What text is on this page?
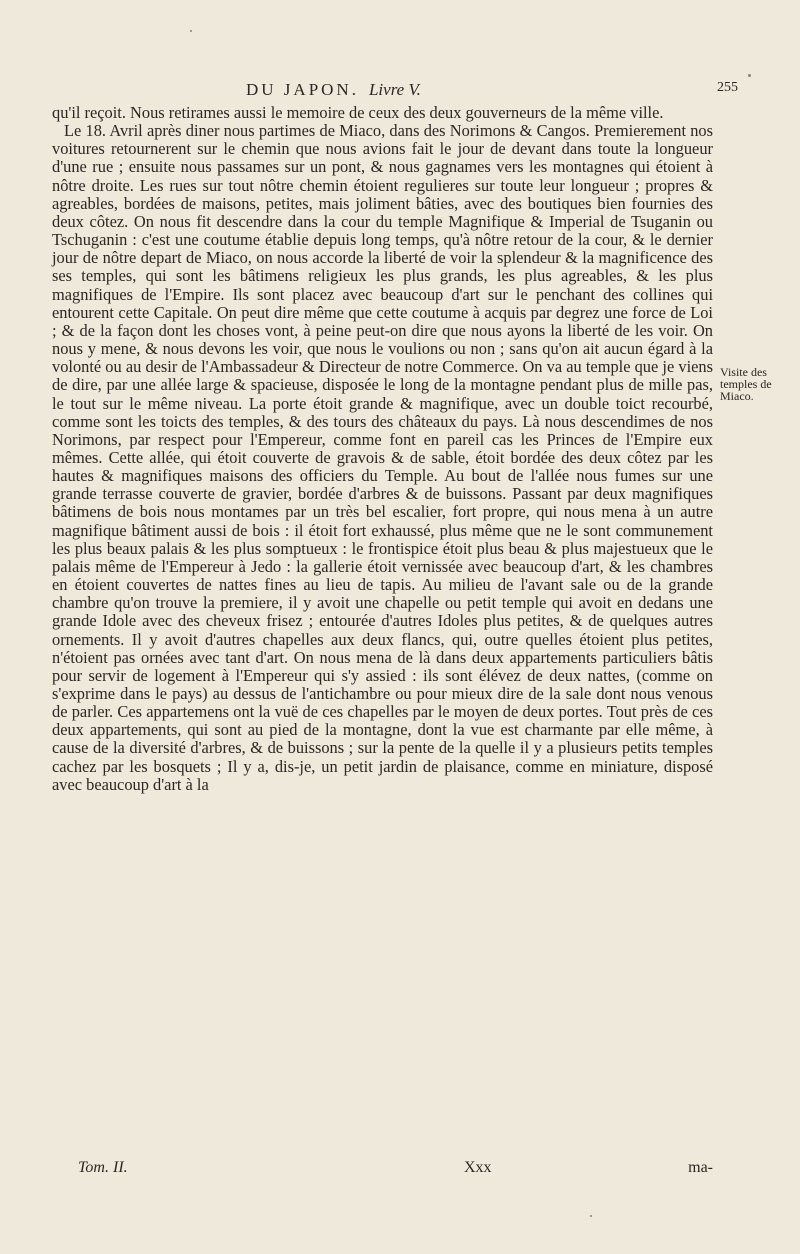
DU JAPON. Livre V.	255

qu'il reçoit. Nous retirames aussi le memoire de ceux des deux gouverneurs de la même ville.

Le 18. Avril après diner nous partimes de Miaco, dans des Norimons & Cangos. Premierement nos voitures retournerent sur le chemin que nous avions fait le jour de devant dans toute la longueur d'une rue ; ensuite nous passames sur un pont, & nous gagnames vers les montagnes qui étoient à nôtre droite. Les rues sur tout nôtre chemin étoient regulieres sur toute leur longueur ; propres & agreables, bordées de maisons, petites, mais joliment bâties, avec des boutiques bien fournies des deux côtez. On nous fit descendre dans la cour du temple Magnifique & Imperial de Tsuganin ou Tschuganin : c'est une coutume établie depuis long temps, qu'à nôtre retour de la cour, & le dernier jour de nôtre depart de Miaco, on nous accorde la liberté de voir la splendeur & la magnificence des ses temples, qui sont les bâtimens religieux les plus grands, les plus agreables, & les plus magnifiques de l'Empire. Ils sont placez avec beaucoup d'art sur le penchant des collines qui entourent cette Capitale. On peut dire même que cette coutume à acquis par degrez une force de Loi ; & de la façon dont les choses vont, à peine peut-on dire que nous ayons la liberté de les voir. On nous y mene, & nous devons les voir, que nous le voulions ou non ; sans qu'on ait aucun égard à la volonté ou au desir de l'Ambassadeur & Directeur de notre Commerce. On va au temple que je viens de dire, par une allée large & spacieuse, disposée le long de la montagne pendant plus de mille pas, le tout sur le même niveau. La porte étoit grande & magnifique, avec un double toict recourbé, comme sont les toicts des temples, & des tours des châteaux du pays. Là nous descendimes de nos Norimons, par respect pour l'Empereur, comme font en pareil cas les Princes de l'Empire eux mêmes. Cette allée, qui étoit couverte de gravois & de sable, étoit bordée des deux côtez par les hautes & magnifiques maisons des officiers du Temple. Au bout de l'allée nous fumes sur une grande terrasse couverte de gravier, bordée d'arbres & de buissons. Passant par deux magnifiques bâtimens de bois nous montames par un très bel escalier, fort propre, qui nous mena à un autre magnifique bâtiment aussi de bois : il étoit fort exhaussé, plus même que ne le sont communement les plus beaux palais & les plus somptueux : le frontispice étoit plus beau & plus majestueux que le palais même de l'Empereur à Jedo : la gallerie étoit vernissée avec beaucoup d'art, & les chambres en étoient couvertes de nattes fines au lieu de tapis. Au milieu de l'avant sale ou de la grande chambre qu'on trouve la premiere, il y avoit une chapelle ou petit temple qui avoit en dedans une grande Idole avec des cheveux frisez ; entourée d'autres Idoles plus petites, & de quelques autres ornements. Il y avoit d'autres chapelles aux deux flancs, qui, outre quelles étoient plus petites, n'étoient pas ornées avec tant d'art. On nous mena de là dans deux appartements particuliers bâtis pour servir de logement à l'Empereur qui s'y assied : ils sont élévez de deux nattes, (comme on s'exprime dans le pays) au dessus de l'antichambre ou pour mieux dire de la sale dont nous venous de parler. Ces appartemens ont la vuë de ces chapelles par le moyen de deux portes. Tout près de ces deux appartements, qui sont au pied de la montagne, dont la vue est charmante par elle même, à cause de la diversité d'arbres, & de buissons ; sur la pente de la quelle il y a plusieurs petits temples cachez par les bosquets ; Il y a, dis-je, un petit jardin de plaisance, comme en miniature, disposé avec beaucoup d'art à la

Visite des temples de Miaco.
Tom. II.	Xxx	ma-
